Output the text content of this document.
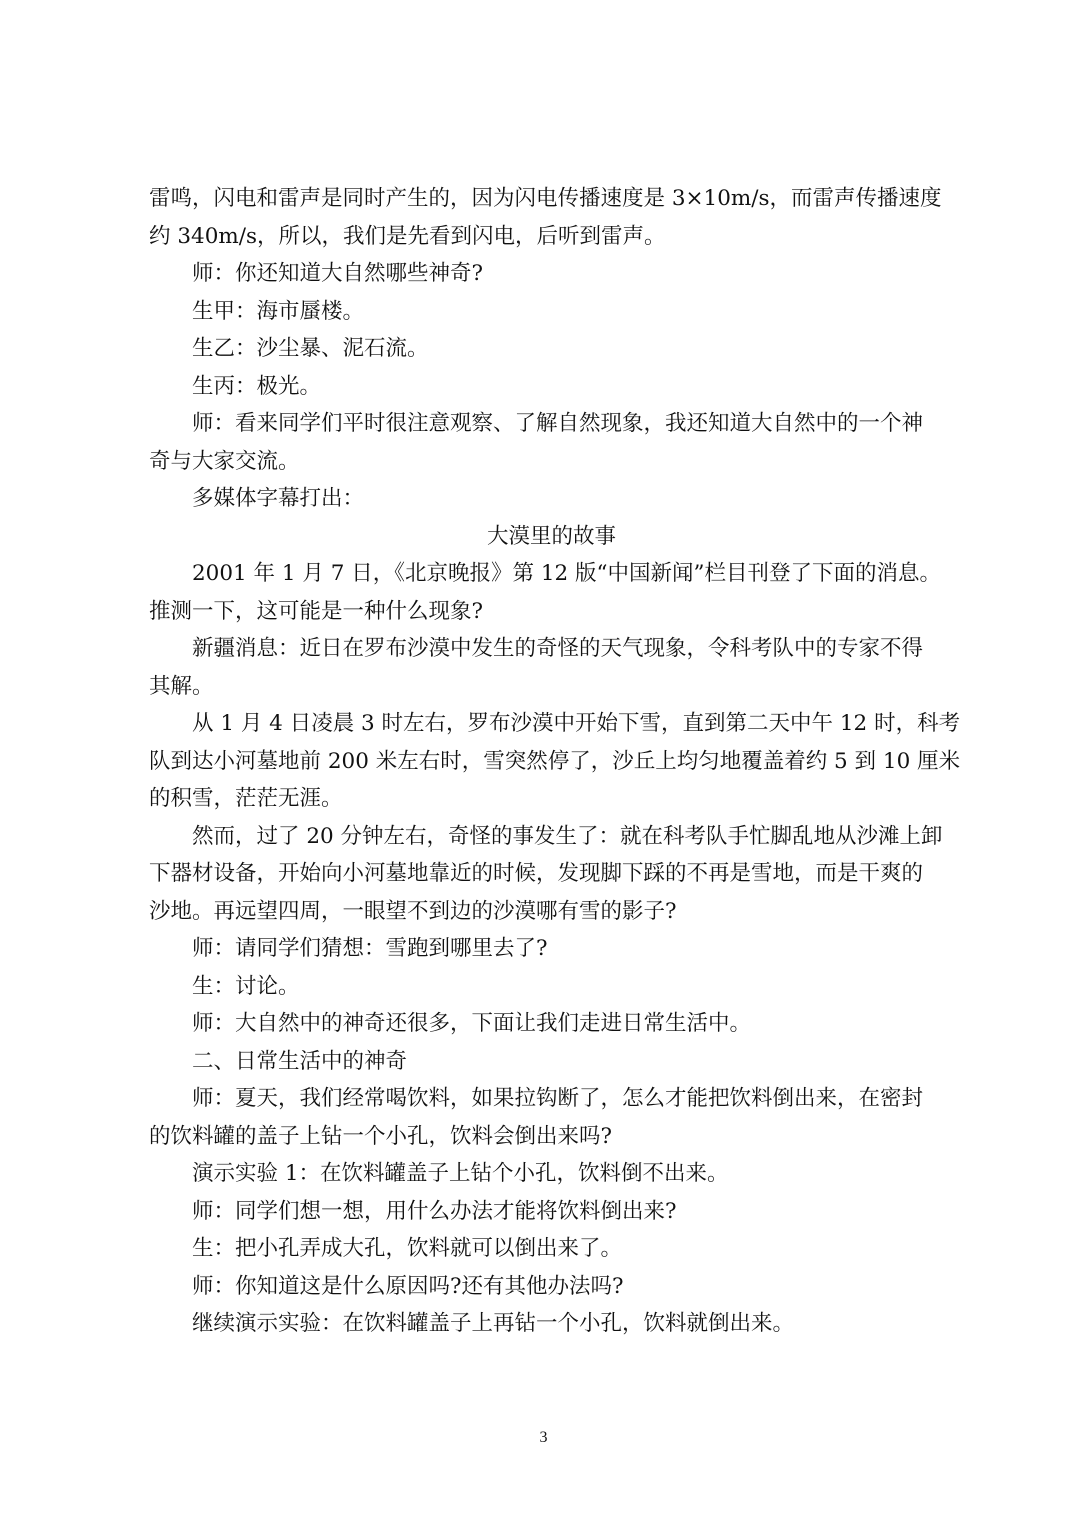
雷鸣，闪电和雷声是同时产生的，因为闪电传播速度是 3×10m/s，而雷声传播速度

约 340m/s，所以，我们是先看到闪电，后听到雷声。

师：你还知道大自然哪些神奇?

生甲：海市蜃楼。

生乙：沙尘暴、泥石流。

生丙：极光。

师：看来同学们平时很注意观察、了解自然现象，我还知道大自然中的一个神

奇与大家交流。

多媒体字幕打出：

大漠里的故事

2001 年 1 月 7 日，《北京晚报》第 12 版“中国新闻”栏目刊登了下面的消息。

推测一下，这可能是一种什么现象?

新疆消息：近日在罗布沙漠中发生的奇怪的天气现象，令科考队中的专家不得

其解。

从 1 月 4 日凌晨 3 时左右，罗布沙漠中开始下雪，直到第二天中午 12 时，科考

队到达小河墓地前 200 米左右时，雪突然停了，沙丘上均匀地覆盖着约 5 到 10 厘米

的积雪，茫茫无涯。

然而，过了 20 分钟左右，奇怪的事发生了：就在科考队手忙脚乱地从沙滩上卸

下器材设备，开始向小河墓地靠近的时候，发现脚下踩的不再是雪地，而是干爽的

沙地。再远望四周，一眼望不到边的沙漠哪有雪的影子?

师：请同学们猜想：雪跑到哪里去了?

生：讨论。

师：大自然中的神奇还很多，下面让我们走进日常生活中。

二、日常生活中的神奇

师：夏天，我们经常喝饮料，如果拉钩断了，怎么才能把饮料倒出来，在密封

的饮料罐的盖子上钻一个小孔，饮料会倒出来吗?

演示实验 1：在饮料罐盖子上钻个小孔，饮料倒不出来。

师：同学们想一想，用什么办法才能将饮料倒出来?

生：把小孔弄成大孔，饮料就可以倒出来了。

师：你知道这是什么原因吗?还有其他办法吗?

继续演示实验：在饮料罐盖子上再钻一个小孔，饮料就倒出来。

3
